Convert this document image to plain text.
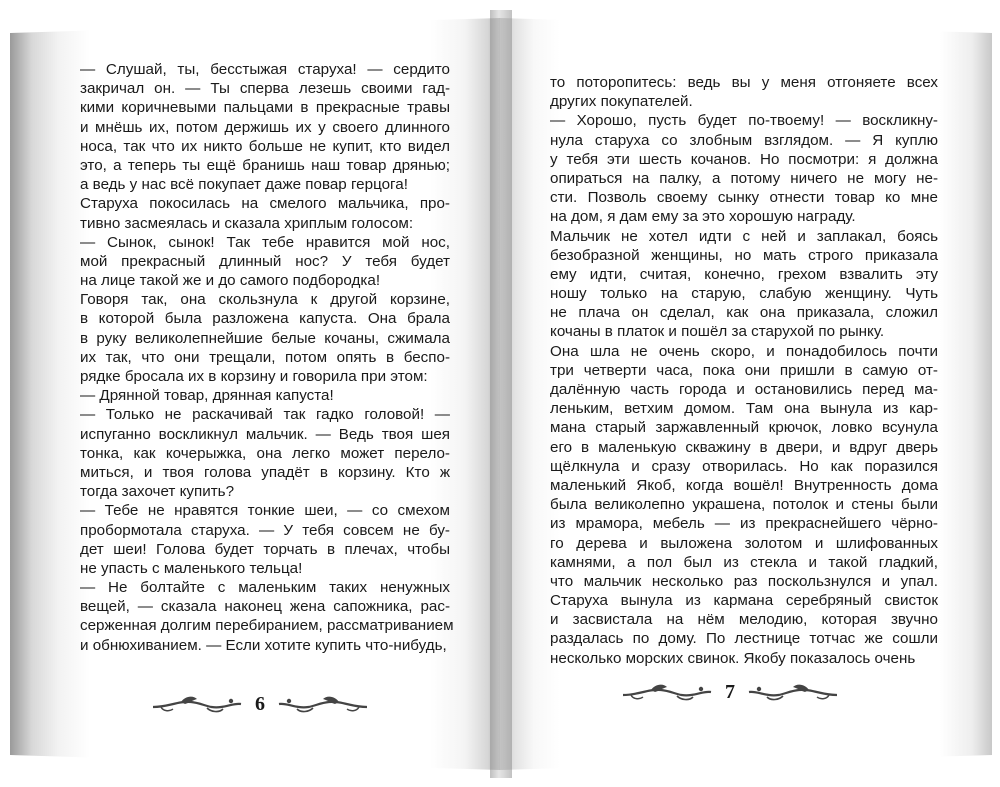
— Слушай, ты, бесстыжая старуха! — сердито
закричал он. — Ты сперва лезешь своими гад-
кими коричневыми пальцами в прекрасные травы
и мнёшь их, потом держишь их у своего длинного
носа, так что их никто больше не купит, кто видел
это, а теперь ты ещё бранишь наш товар дрянью;
а ведь у нас всё покупает даже повар герцога!
Старуха покосилась на смелого мальчика, про-
тивно засмеялась и сказала хриплым голосом:
— Сынок, сынок! Так тебе нравится мой нос,
мой прекрасный длинный нос? У тебя будет
на лице такой же и до самого подбородка!
Говоря так, она скользнула к другой корзине,
в которой была разложена капуста. Она брала
в руку великолепнейшие белые кочаны, сжимала
их так, что они трещали, потом опять в беспо-
рядке бросала их в корзину и говорила при этом:
— Дрянной товар, дрянная капуста!
— Только не раскачивай так гадко головой! —
испуганно воскликнул мальчик. — Ведь твоя шея
тонка, как кочерыжка, она легко может перело-
миться, и твоя голова упадёт в корзину. Кто ж
тогда захочет купить?
— Тебе не нравятся тонкие шеи, — со смехом
пробормотала старуха. — У тебя совсем не бу-
дет шеи! Голова будет торчать в плечах, чтобы
не упасть с маленького тельца!
— Не болтайте с маленьким таких ненужных
вещей, — сказала наконец жена сапожника, рас-
серженная долгим перебиранием, рассматриванием
и обнюхиванием. — Если хотите купить что-нибудь,
то поторопитесь: ведь вы у меня отгоняете всех
других покупателей.
— Хорошо, пусть будет по-твоему! — воскликну-
нула старуха со злобным взглядом. — Я куплю
у тебя эти шесть кочанов. Но посмотри: я должна
опираться на палку, а потому ничего не могу не-
сти. Позволь своему сынку отнести товар ко мне
на дом, я дам ему за это хорошую награду.
Мальчик не хотел идти с ней и заплакал, боясь
безобразной женщины, но мать строго приказала
ему идти, считая, конечно, грехом взвалить эту
ношу только на старую, слабую женщину. Чуть
не плача он сделал, как она приказала, сложил
кочаны в платок и пошёл за старухой по рынку.
Она шла не очень скоро, и понадобилось почти
три четверти часа, пока они пришли в самую от-
далённую часть города и остановились перед ма-
леньким, ветхим домом. Там она вынула из кар-
мана старый заржавленный крючок, ловко всунула
его в маленькую скважину в двери, и вдруг дверь
щёлкнула и сразу отворилась. Но как поразился
маленький Якоб, когда вошёл! Внутренность дома
была великолепно украшена, потолок и стены были
из мрамора, мебель — из прекраснейшего чёрно-
го дерева и выложена золотом и шлифованных
камнями, а пол был из стекла и такой гладкий,
что мальчик несколько раз поскользнулся и упал.
Старуха вынула из кармана серебряный свисток
и засвистала на нём мелодию, которая звучно
раздалась по дому. По лестнице тотчас же сошли
несколько морских свинок. Якобу показалось очень
6
7
